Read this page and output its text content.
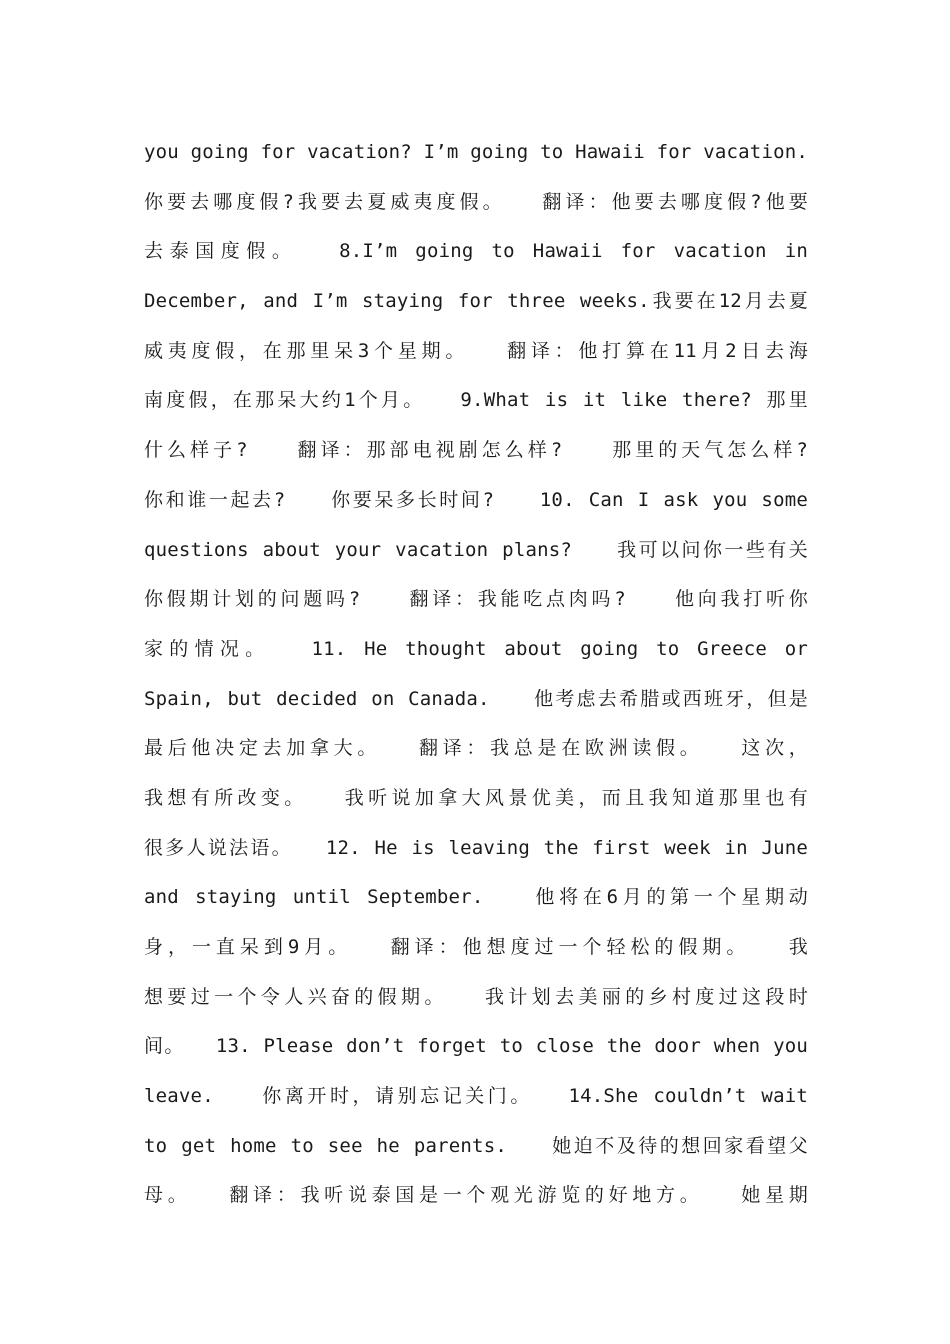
you going for vacation? I’m going to Hawaii for vacation.
你要去哪度假?我要去夏威夷度假。　　翻译：他要去哪度假?他要
去泰国度假。　　8.I’m going to Hawaii for vacation in
December, and I’m staying for three weeks.我要在12月去夏
威夷度假，在那里呆3个星期。　　翻译：他打算在11月2日去海
南度假，在那呆大约1个月。　　9.What is it like there? 那里
什么样子?　　翻译：那部电视剧怎么样?　　那里的天气怎么样?
你和谁一起去?　　你要呆多长时间?　　10. Can I ask you some
questions about your vacation plans?　　我可以问你一些有关
你假期计划的问题吗?　　翻译：我能吃点肉吗?　　他向我打听你
家的情况。　　11. He thought about going to Greece or
Spain, but decided on Canada.　　他考虑去希腊或西班牙，但是
最后他决定去加拿大。　　翻译：我总是在欧洲读假。　　这次，
我想有所改变。　　我听说加拿大风景优美，而且我知道那里也有
很多人说法语。　　12. He is leaving the first week in June
and staying until September.　　他将在6月的第一个星期动
身，一直呆到9月。　　翻译：他想度过一个轻松的假期。　　我
想要过一个令人兴奋的假期。　　我计划去美丽的乡村度过这段时
间。　　13. Please don’t forget to close the door when you
leave.　　你离开时，请别忘记关门。　　14.She couldn’t wait
to get home to see he parents.　　她迫不及待的想回家看望父
母。　　翻译：我听说泰国是一个观光游览的好地方。　　她星期
